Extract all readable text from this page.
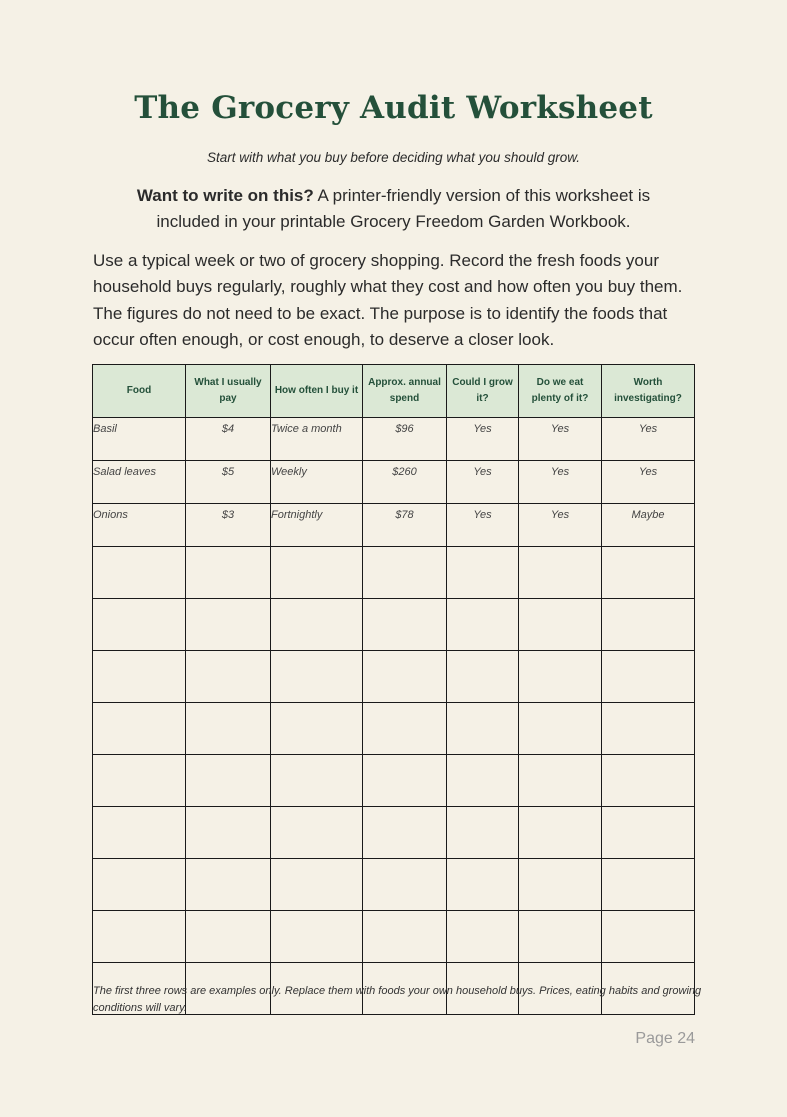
The Grocery Audit Worksheet
Start with what you buy before deciding what you should grow.
Want to write on this? A printer-friendly version of this worksheet is included in your printable Grocery Freedom Garden Workbook.
Use a typical week or two of grocery shopping. Record the fresh foods your household buys regularly, roughly what they cost and how often you buy them. The figures do not need to be exact. The purpose is to identify the foods that occur often enough, or cost enough, to deserve a closer look.
Food	What I usually pay	How often I buy it	Approx. annual spend	Could I grow it?	Do we eat plenty of it?	Worth investigating?
Basil	$4	Twice a month	$96	Yes	Yes	Yes
Salad leaves	$5	Weekly	$260	Yes	Yes	Yes
Onions	$3	Fortnightly	$78	Yes	Yes	Maybe

The first three rows are examples only. Replace them with foods your own household buys. Prices, eating habits and growing conditions will vary.
Page 24
